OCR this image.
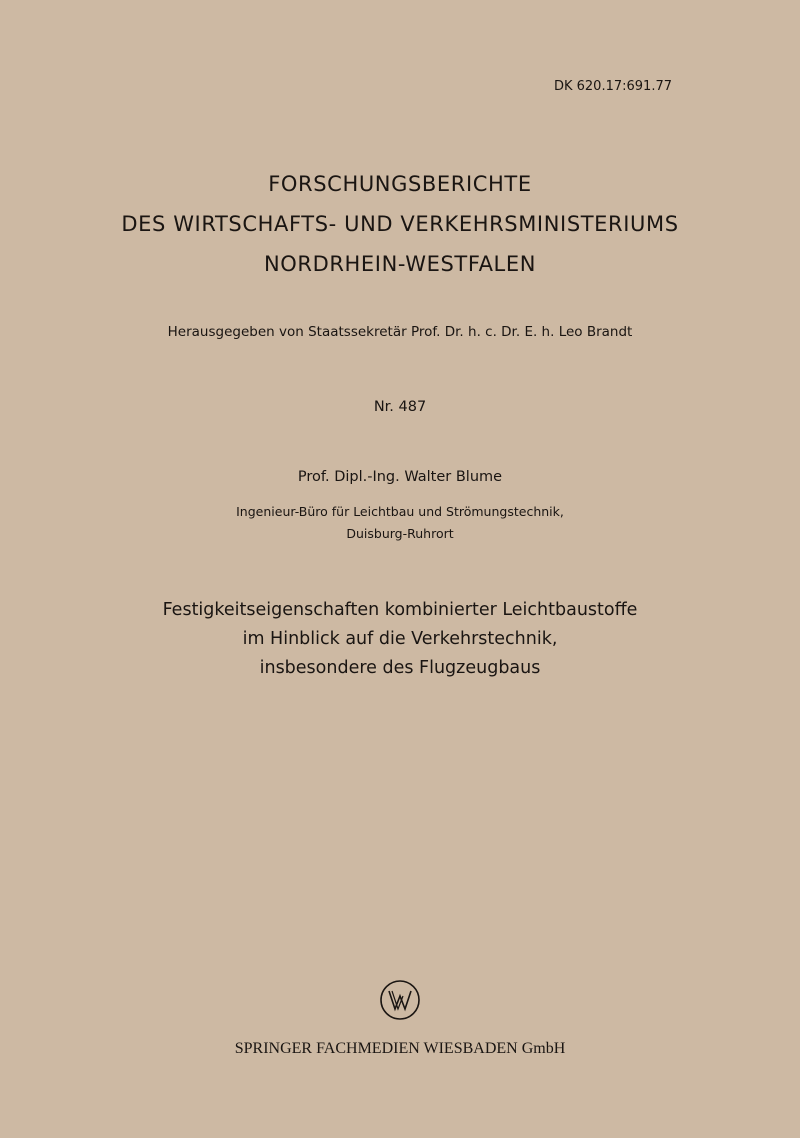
DK 620.17:691.77
FORSCHUNGSBERICHTE
DES WIRTSCHAFTS- UND VERKEHRSMINISTERIUMS
NORDRHEIN-WESTFALEN
Herausgegeben von Staatssekretär Prof. Dr. h. c. Dr. E. h. Leo Brandt
Nr. 487
Prof. Dipl.-Ing. Walter Blume
Ingenieur-Büro für Leichtbau und Strömungstechnik,
Duisburg-Ruhrort
Festigkeitseigenschaften kombinierter Leichtbaustoffe
im Hinblick auf die Verkehrstechnik,
insbesondere des Flugzeugbaus
SPRINGER FACHMEDIEN WIESBADEN GmbH
